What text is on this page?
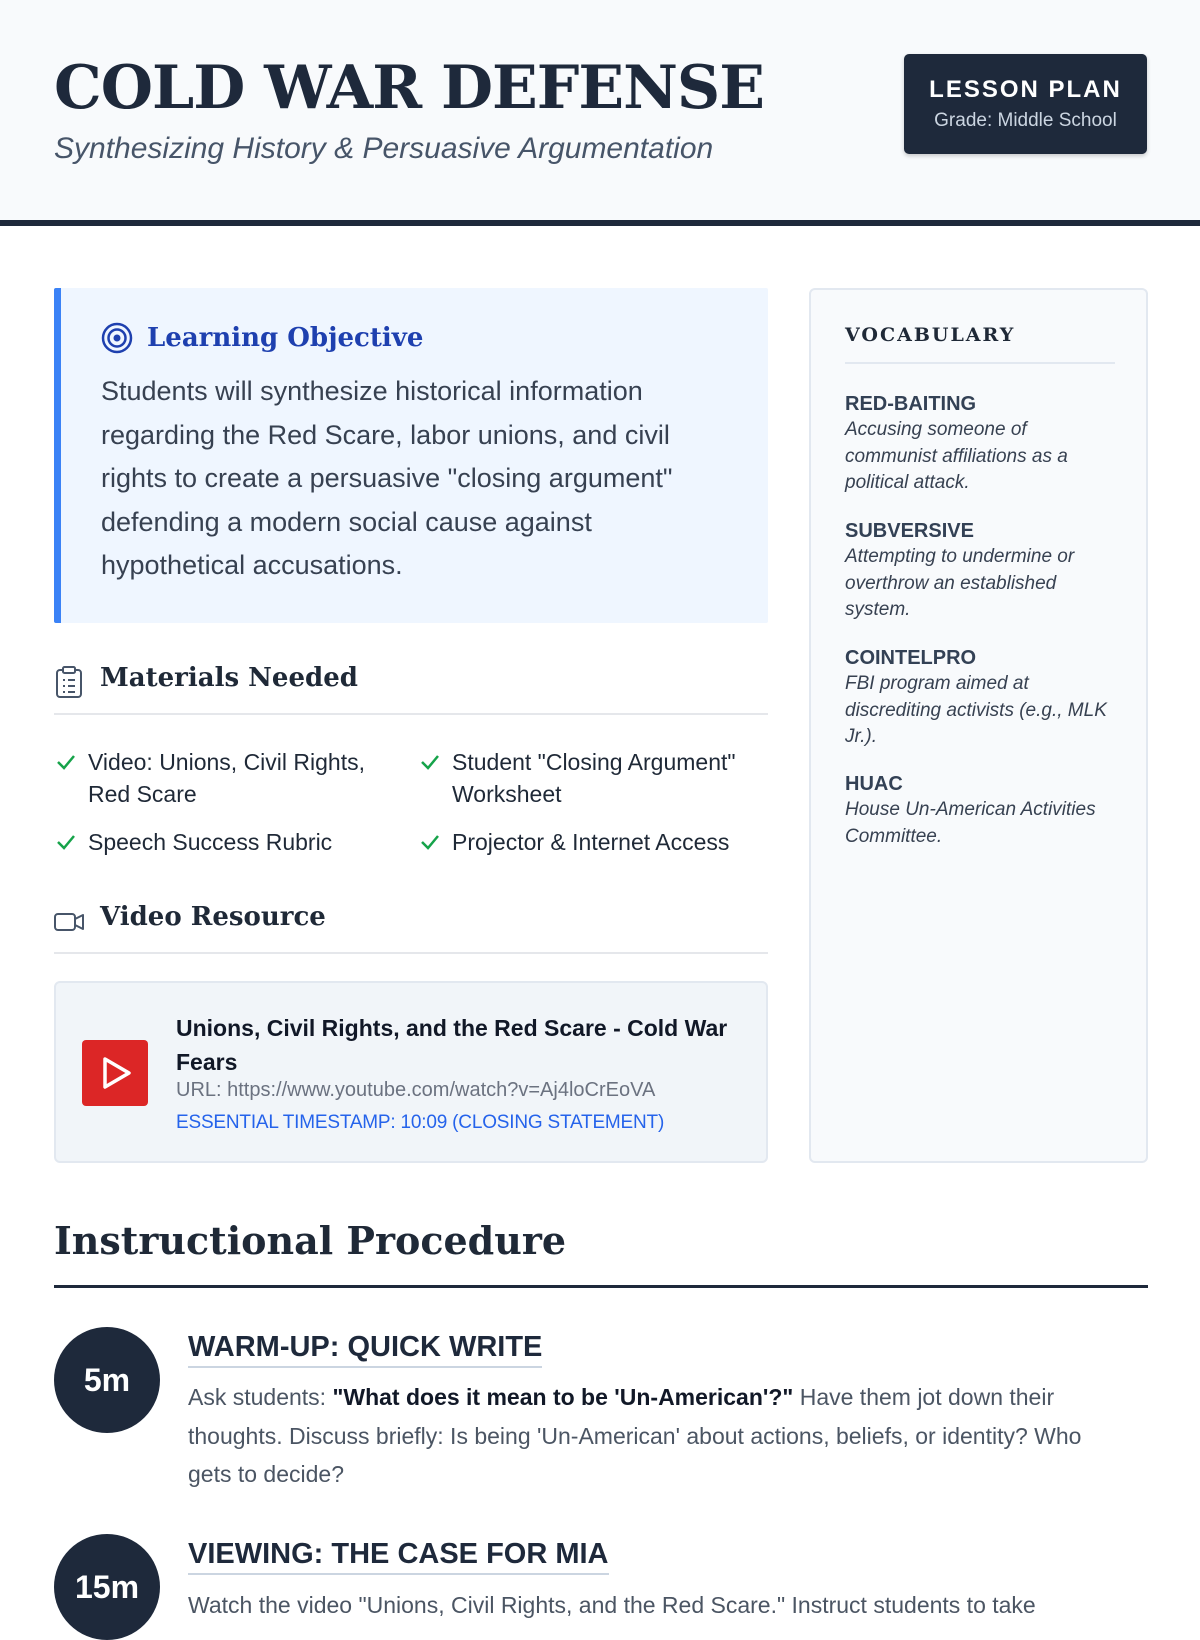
COLD WAR DEFENSE

Synthesizing History & Persuasive Argumentation

LESSON PLAN
Grade: Middle School
Learning Objective

Students will synthesize historical information regarding the Red Scare, labor unions, and civil rights to create a persuasive "closing argument" defending a modern social cause against hypothetical accusations.

Materials Needed
Video: Unions, Civil Rights, Red Scare
Student "Closing Argument" Worksheet
Speech Success Rubric	Projector & Internet Access
Video Resource
Unions, Civil Rights, and the Red Scare - Cold War Fears
URL: https://www.youtube.com/watch?v=Aj4loCrEoVA
ESSENTIAL TIMESTAMP: 10:09 (CLOSING STATEMENT)
VOCABULARY
RED-BAITING
Accusing someone of communist affiliations as a political attack.
SUBVERSIVE
Attempting to undermine or overthrow an established system.
COINTELPRO
FBI program aimed at discrediting activists (e.g., MLK Jr.).
HUAC
House Un-American Activities Committee.
Instructional Procedure
5m
WARM-UP: QUICK WRITE

Ask students: "What does it mean to be 'Un-American'?" Have them jot down their thoughts. Discuss briefly: Is being 'Un-American' about actions, beliefs, or identity? Who gets to decide?

15m
VIEWING: THE CASE FOR MIA

Watch the video "Unions, Civil Rights, and the Red Scare." Instruct students to take
